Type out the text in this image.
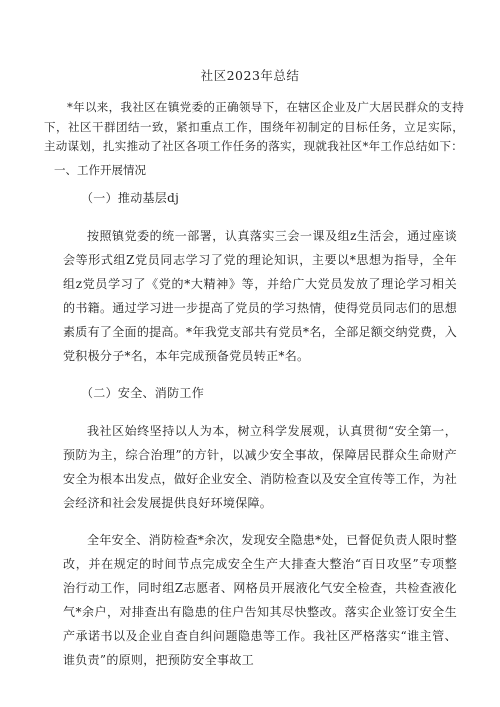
社区2023年总结

*年以来，我社区在镇党委的正确领导下，在辖区企业及广大居民群众的支持下，社区干群团结一致，紧扣重点工作，围绕年初制定的目标任务，立足实际，主动谋划，扎实推动了社区各项工作任务的落实，现就我社区*年工作总结如下：

一、工作开展情况
（一）推动基层dj

按照镇党委的统一部署，认真落实三会一课及组z生活会，通过座谈会等形式组Z党员同志学习了党的理论知识，主要以*思想为指导，全年组z党员学习了《党的*大精神》等，并给广大党员发放了理论学习相关的书籍。通过学习进一步提高了党员的学习热情，使得党员同志们的思想素质有了全面的提高。*年我党支部共有党员*名，全部足额交纳党费，入党积极分子*名，本年完成预备党员转正*名。

（二）安全、消防工作

我社区始终坚持以人为本，树立科学发展观，认真贯彻“安全第一，预防为主，综合治理”的方针，以减少安全事故，保障居民群众生命财产安全为根本出发点，做好企业安全、消防检查以及安全宣传等工作，为社会经济和社会发展提供良好环境保障。

全年安全、消防检查*余次，发现安全隐患*处，已督促负责人限时整改，并在规定的时间节点完成安全生产大排查大整治“百日攻坚”专项整治行动工作，同时组Z志愿者、网格员开展液化气安全检查，共检查液化气*余户，对排查出有隐患的住户告知其尽快整改。落实企业签订安全生产承诺书以及企业自查自纠问题隐患等工作。我社区严格落实“谁主管、谁负责”的原则，把预防安全事故工
